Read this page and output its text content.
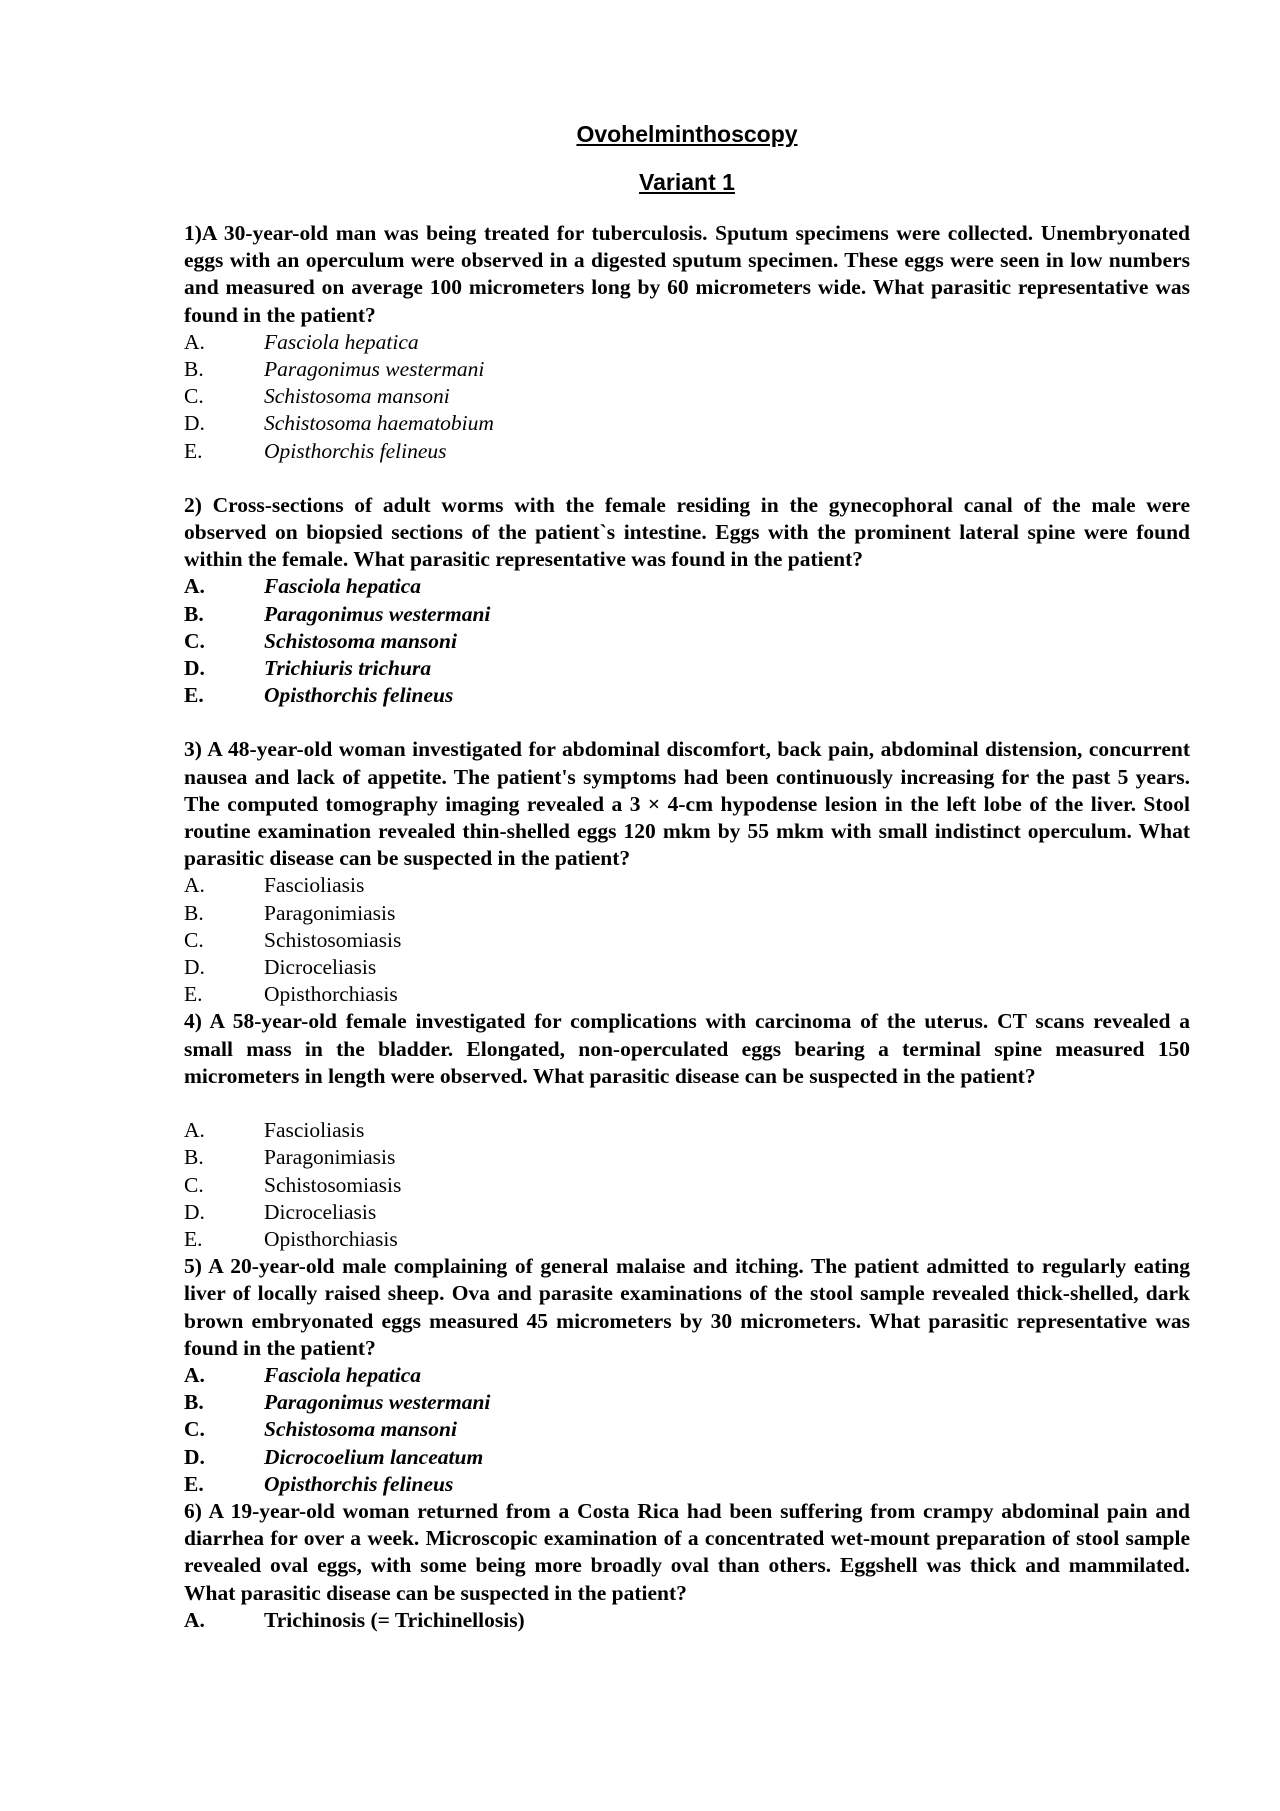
Ovohelminthoscopy

Variant 1

1)A 30-year-old man was being treated for tuberculosis. Sputum specimens were collected. Unembryonated eggs with an operculum were observed in a digested sputum specimen. These eggs were seen in low numbers and measured on average 100 micrometers long by 60 micrometers wide. What parasitic representative was found in the patient?

A.	Fasciola hepatica
B.	Paragonimus westermani
C.	Schistosoma mansoni
D.	Schistosoma haematobium
E.	Opisthorchis felineus

2) Cross-sections of adult worms with the female residing in the gynecophoral canal of the male were observed on biopsied sections of the patient`s intestine. Eggs with the prominent lateral spine were found within the female. What parasitic representative was found in the patient?

A.	Fasciola hepatica
B.	Paragonimus westermani
C.	Schistosoma mansoni
D.	Trichiuris trichura
E.	Opisthorchis felineus

3) A 48-year-old woman investigated for abdominal discomfort, back pain, abdominal distension, concurrent nausea and lack of appetite. The patient's symptoms had been continuously increasing for the past 5 years. The computed tomography imaging revealed a 3 × 4-cm hypodense lesion in the left lobe of the liver. Stool routine examination revealed thin-shelled eggs 120 mkm by 55 mkm with small indistinct operculum. What parasitic disease can be suspected in the patient?

A.	Fascioliasis
B.	Paragonimiasis
C.	Schistosomiasis
D.	Dicroceliasis
E.	Opisthorchiasis

4) A 58-year-old female investigated for complications with carcinoma of the uterus. CT scans revealed a small mass in the bladder. Elongated, non-operculated eggs bearing a terminal spine measured 150 micrometers in length were observed. What parasitic disease can be suspected in the patient?

A.	Fascioliasis
B.	Paragonimiasis
C.	Schistosomiasis
D.	Dicroceliasis
E.	Opisthorchiasis

5) A 20-year-old male complaining of general malaise and itching. The patient admitted to regularly eating liver of locally raised sheep. Ova and parasite examinations of the stool sample revealed thick-shelled, dark brown embryonated eggs measured 45 micrometers by 30 micrometers. What parasitic representative was found in the patient?

A.	Fasciola hepatica
B.	Paragonimus westermani
C.	Schistosoma mansoni
D.	Dicrocoelium lanceatum
E.	Opisthorchis felineus

6) A 19-year-old woman returned from a Costa Rica had been suffering from crampy abdominal pain and diarrhea for over a week. Microscopic examination of a concentrated wet-mount preparation of stool sample revealed oval eggs, with some being more broadly oval than others. Eggshell was thick and mammilated. What parasitic disease can be suspected in the patient?

A.	Trichinosis (= Trichinellosis)
